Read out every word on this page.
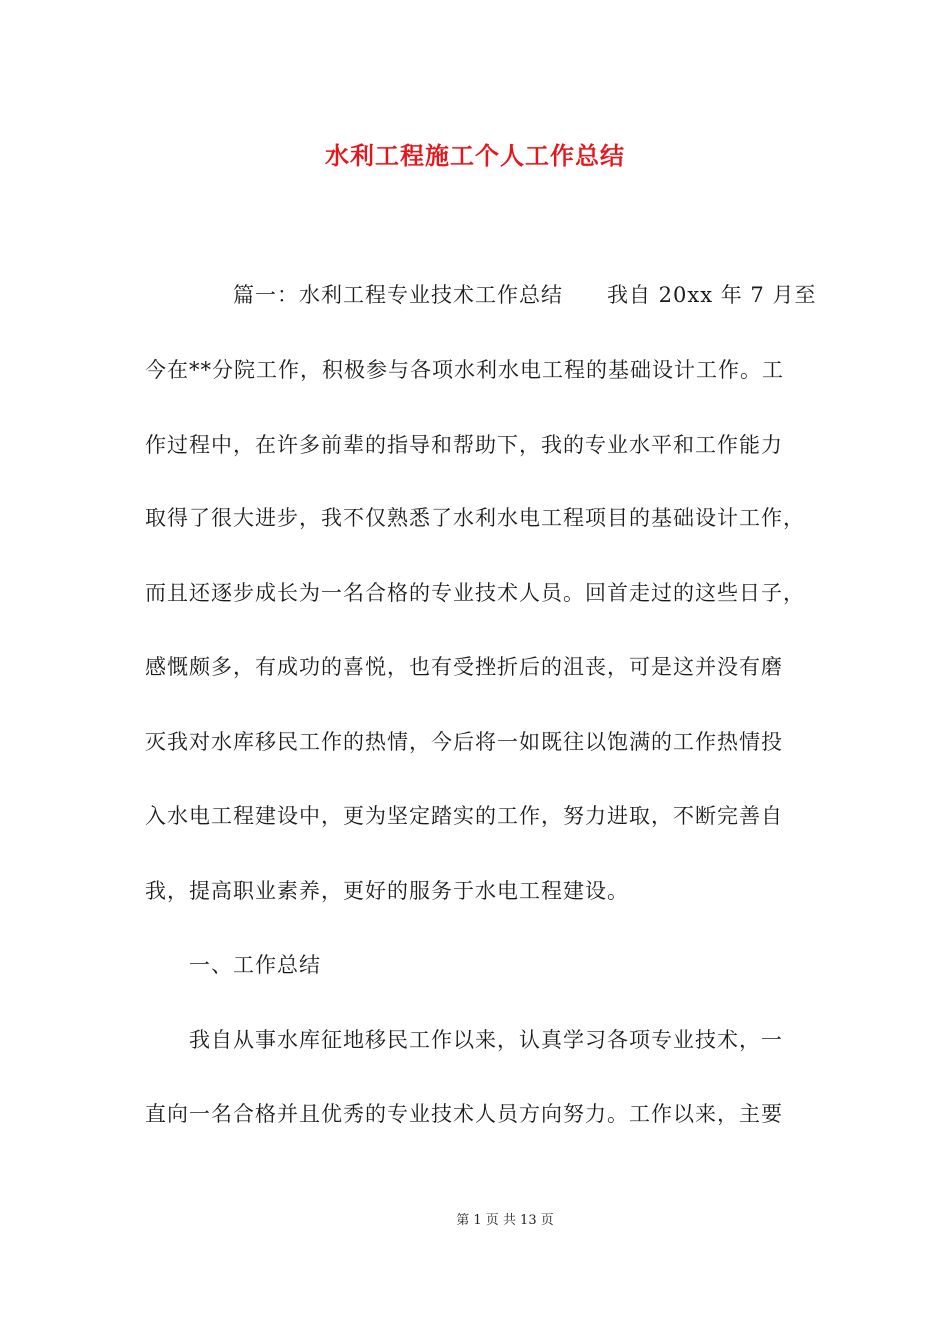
水利工程施工个人工作总结
篇一：水利工程专业技术工作总结　　我自 20xx 年 7 月至
今在**分院工作，积极参与各项水利水电工程的基础设计工作。工
作过程中，在许多前辈的指导和帮助下，我的专业水平和工作能力
取得了很大进步，我不仅熟悉了水利水电工程项目的基础设计工作，
而且还逐步成长为一名合格的专业技术人员。回首走过的这些日子，
感慨颇多，有成功的喜悦，也有受挫折后的沮丧，可是这并没有磨
灭我对水库移民工作的热情，今后将一如既往以饱满的工作热情投
入水电工程建设中，更为坚定踏实的工作，努力进取，不断完善自
我，提高职业素养，更好的服务于水电工程建设。
一、工作总结
我自从事水库征地移民工作以来，认真学习各项专业技术，一
直向一名合格并且优秀的专业技术人员方向努力。工作以来，主要
第 1 页 共 13 页
